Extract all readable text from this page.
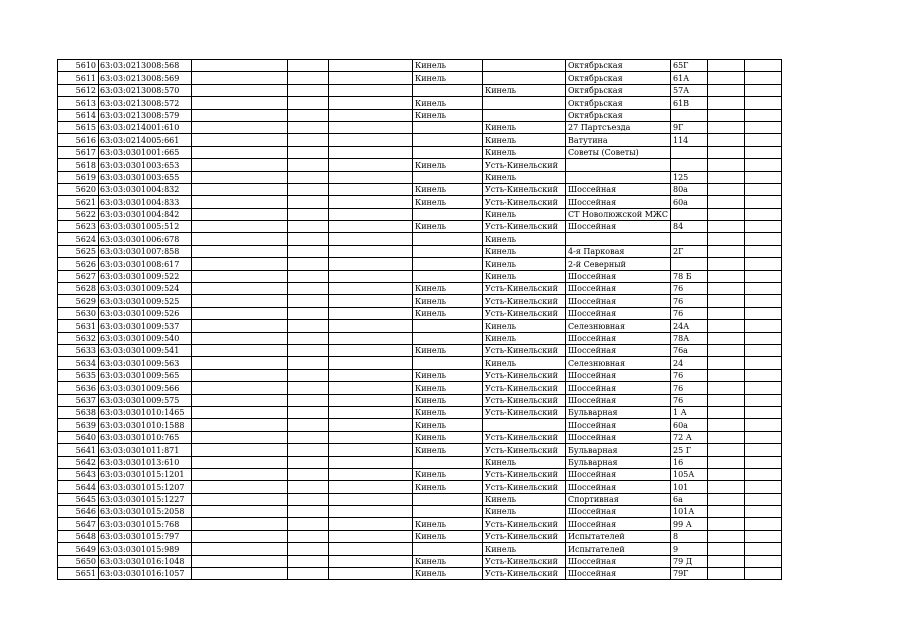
5610	63:03:0213008:568				Кинель		Октябрьская	65Г		
5611	63:03:0213008:569				Кинель		Октябрьская	61А		
5612	63:03:0213008:570					Кинель	Октябрьская	57А		
5613	63:03:0213008:572				Кинель		Октябрьская	61В		
5614	63:03:0213008:579				Кинель		Октябрьская			
5615	63:03:0214001:610					Кинель	27 Партсъезда	9Г		
5616	63:03:0214005:661					Кинель	Ватутина	114		
5617	63:03:0301001:665					Кинель	Советы (Советы)			
5618	63:03:0301003:653				Кинель	Усть-Кинельский				
5619	63:03:0301003:655					Кинель		125		
5620	63:03:0301004:832				Кинель	Усть-Кинельский	Шоссейная	80а		
5621	63:03:0301004:833				Кинель	Усть-Кинельский	Шоссейная	60а		
5622	63:03:0301004:842					Кинель	СТ Новолюжской МЖС			
5623	63:03:0301005:512				Кинель	Усть-Кинельский	Шоссейная	84		
5624	63:03:0301006:678					Кинель				
5625	63:03:0301007:858					Кинель	4-я Парковая	2Г		
5626	63:03:0301008:617					Кинель	2-й Северный			
5627	63:03:0301009:522					Кинель	Шоссейная	78 Б		
5628	63:03:0301009:524				Кинель	Усть-Кинельский	Шоссейная	76		
5629	63:03:0301009:525				Кинель	Усть-Кинельский	Шоссейная	76		
5630	63:03:0301009:526				Кинель	Усть-Кинельский	Шоссейная	76		
5631	63:03:0301009:537					Кинель	Селезнювная	24А		
5632	63:03:0301009:540					Кинель	Шоссейная	78А		
5633	63:03:0301009:541				Кинель	Усть-Кинельский	Шоссейная	76а		
5634	63:03:0301009:563					Кинель	Селезнювная	24		
5635	63:03:0301009:565				Кинель	Усть-Кинельский	Шоссейная	76		
5636	63:03:0301009:566				Кинель	Усть-Кинельский	Шоссейная	76		
5637	63:03:0301009:575				Кинель	Усть-Кинельский	Шоссейная	76		
5638	63:03:0301010:1465				Кинель	Усть-Кинельский	Бульварная	1 А		
5639	63:03:0301010:1588				Кинель		Шоссейная	60а		
5640	63:03:0301010:765				Кинель	Усть-Кинельский	Шоссейная	72 А		
5641	63:03:0301011:871				Кинель	Усть-Кинельский	Бульварная	25 Г		
5642	63:03:0301013:610					Кинель	Бульварная	16		
5643	63:03:0301015:1201				Кинель	Усть-Кинельский	Шоссейная	105А		
5644	63:03:0301015:1207				Кинель	Усть-Кинельский	Шоссейная	101		
5645	63:03:0301015:1227					Кинель	Спортивная	6а		
5646	63:03:0301015:2058					Кинель	Шоссейная	101А		
5647	63:03:0301015:768				Кинель	Усть-Кинельский	Шоссейная	99 А		
5648	63:03:0301015:797				Кинель	Усть-Кинельский	Испытателей	8		
5649	63:03:0301015:989					Кинель	Испытателей	9		
5650	63:03:0301016:1048				Кинель	Усть-Кинельский	Шоссейная	79 Д		
5651	63:03:0301016:1057				Кинель	Усть-Кинельский	Шоссейная	79Г		
